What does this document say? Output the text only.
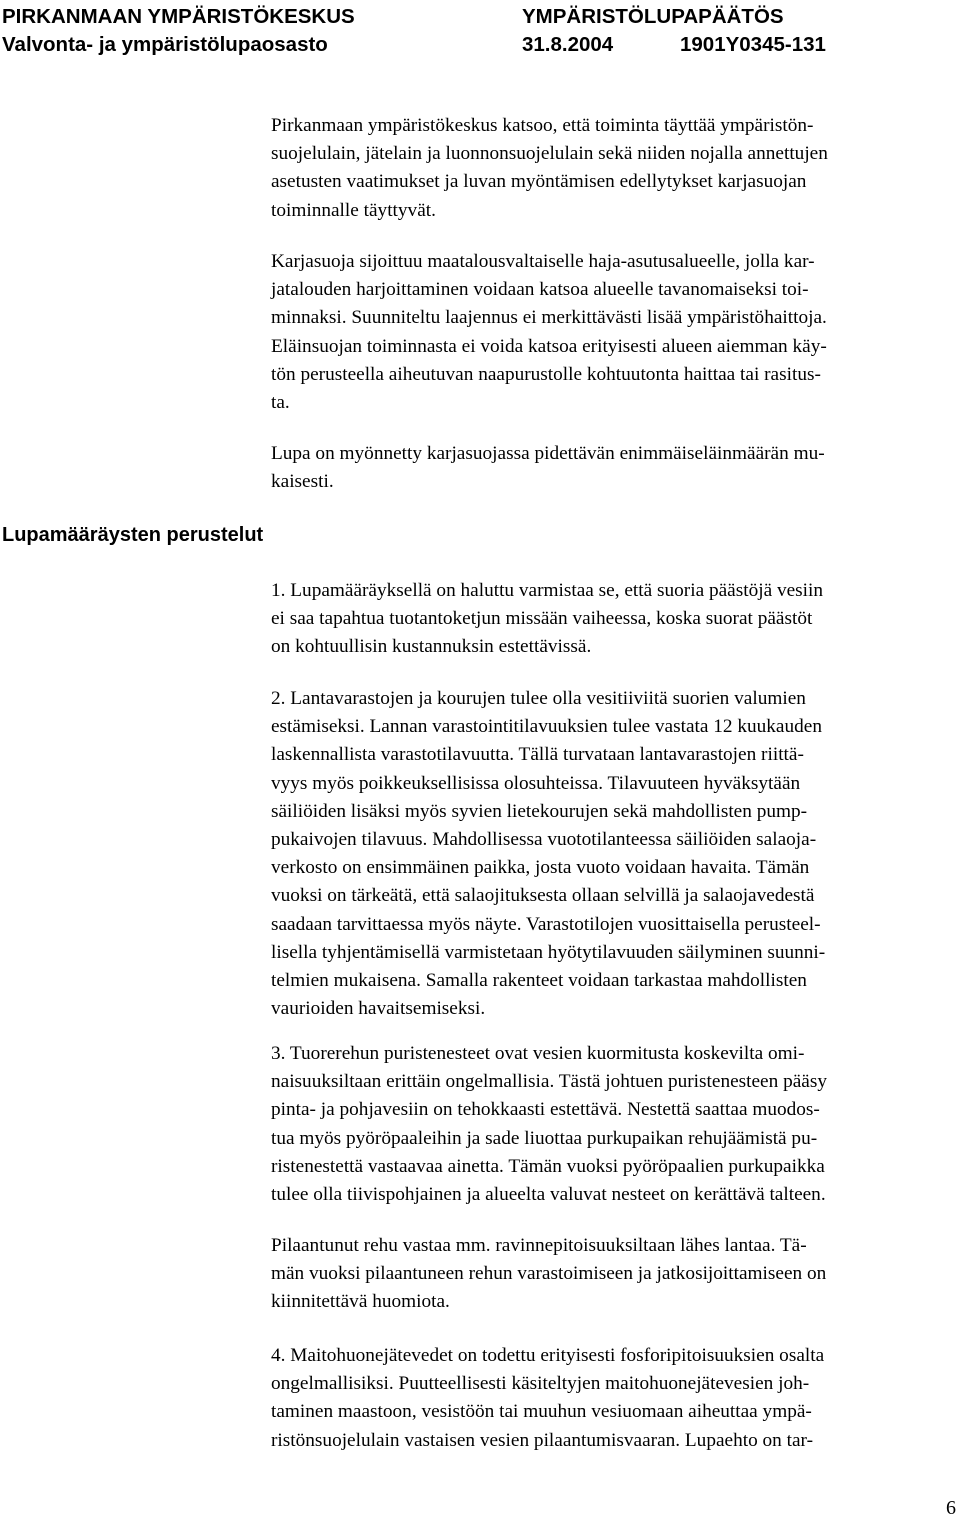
PIRKANMAAN YMPÄRISTÖKESKUS
Valvonta- ja ympäristölupaosasto
YMPÄRISTÖLUPAPÄÄTÖS
31.8.2004	1901Y0345-131
Lupamääräysten perustelut

Pirkanmaan ympäristökeskus katsoo, että toiminta täyttää ympäristön-
suojelulain, jätelain ja luonnonsuojelulain sekä niiden nojalla annettujen
asetusten vaatimukset ja luvan myöntämisen edellytykset karjasuojan
toiminnalle täyttyvät.

Karjasuoja sijoittuu maatalousvaltaiselle haja-asutusalueelle, jolla kar-
jatalouden harjoittaminen voidaan katsoa alueelle tavanomaiseksi toi-
minnaksi. Suunniteltu laajennus ei merkittävästi lisää ympäristöhaittoja.
Eläinsuojan toiminnasta ei voida katsoa erityisesti alueen aiemman käy-
tön perusteella aiheutuvan naapurustolle kohtuutonta haittaa tai rasitus-
ta.

Lupa on myönnetty karjasuojassa pidettävän enimmäiseläinmäärän mu-
kaisesti.

1. Lupamääräyksellä on haluttu varmistaa se, että suoria päästöjä vesiin
ei saa tapahtua tuotantoketjun missään vaiheessa, koska suorat päästöt
on kohtuullisin kustannuksin estettävissä.

2. Lantavarastojen ja kourujen tulee olla vesitiiviitä suorien valumien
estämiseksi. Lannan varastointitilavuuksien tulee vastata 12 kuukauden
laskennallista varastotilavuutta. Tällä turvataan lantavarastojen riittä-
vyys myös poikkeuksellisissa olosuhteissa. Tilavuuteen hyväksytään
säiliöiden lisäksi myös syvien lietekourujen sekä mahdollisten pump-
pukaivojen tilavuus. Mahdollisessa vuototilanteessa säiliöiden salaoja-
verkosto on ensimmäinen paikka, josta vuoto voidaan havaita. Tämän
vuoksi on tärkeätä, että salaojituksesta ollaan selvillä ja salaojavedestä
saadaan tarvittaessa myös näyte. Varastotilojen vuosittaisella perusteel-
lisella tyhjentämisellä varmistetaan hyötytilavuuden säilyminen suunni-
telmien mukaisena. Samalla rakenteet voidaan tarkastaa mahdollisten
vaurioiden havaitsemiseksi.

3. Tuorerehun puristenesteet ovat vesien kuormitusta koskevilta omi-
naisuuksiltaan erittäin ongelmallisia. Tästä johtuen puristenesteen pääsy
pinta- ja pohjavesiin on tehokkaasti estettävä. Nestettä saattaa muodos-
tua myös pyöröpaaleihin ja sade liuottaa purkupaikan rehujäämistä pu-
ristenestettä vastaavaa ainetta. Tämän vuoksi pyöröpaalien purkupaikka
tulee olla tiivispohjainen ja alueelta valuvat nesteet on kerättävä talteen.

Pilaantunut rehu vastaa mm. ravinnepitoisuuksiltaan lähes lantaa. Tä-
män vuoksi pilaantuneen rehun varastoimiseen ja jatkosijoittamiseen on
kiinnitettävä huomiota.

4. Maitohuonejätevedet on todettu erityisesti fosforipitoisuuksien osalta
ongelmallisiksi. Puutteellisesti käsiteltyjen maitohuonejätevesien joh-
taminen maastoon, vesistöön tai muuhun vesiuomaan aiheuttaa ympä-
ristönsuojelulain vastaisen vesien pilaantumisvaaran. Lupaehto on tar-

6
